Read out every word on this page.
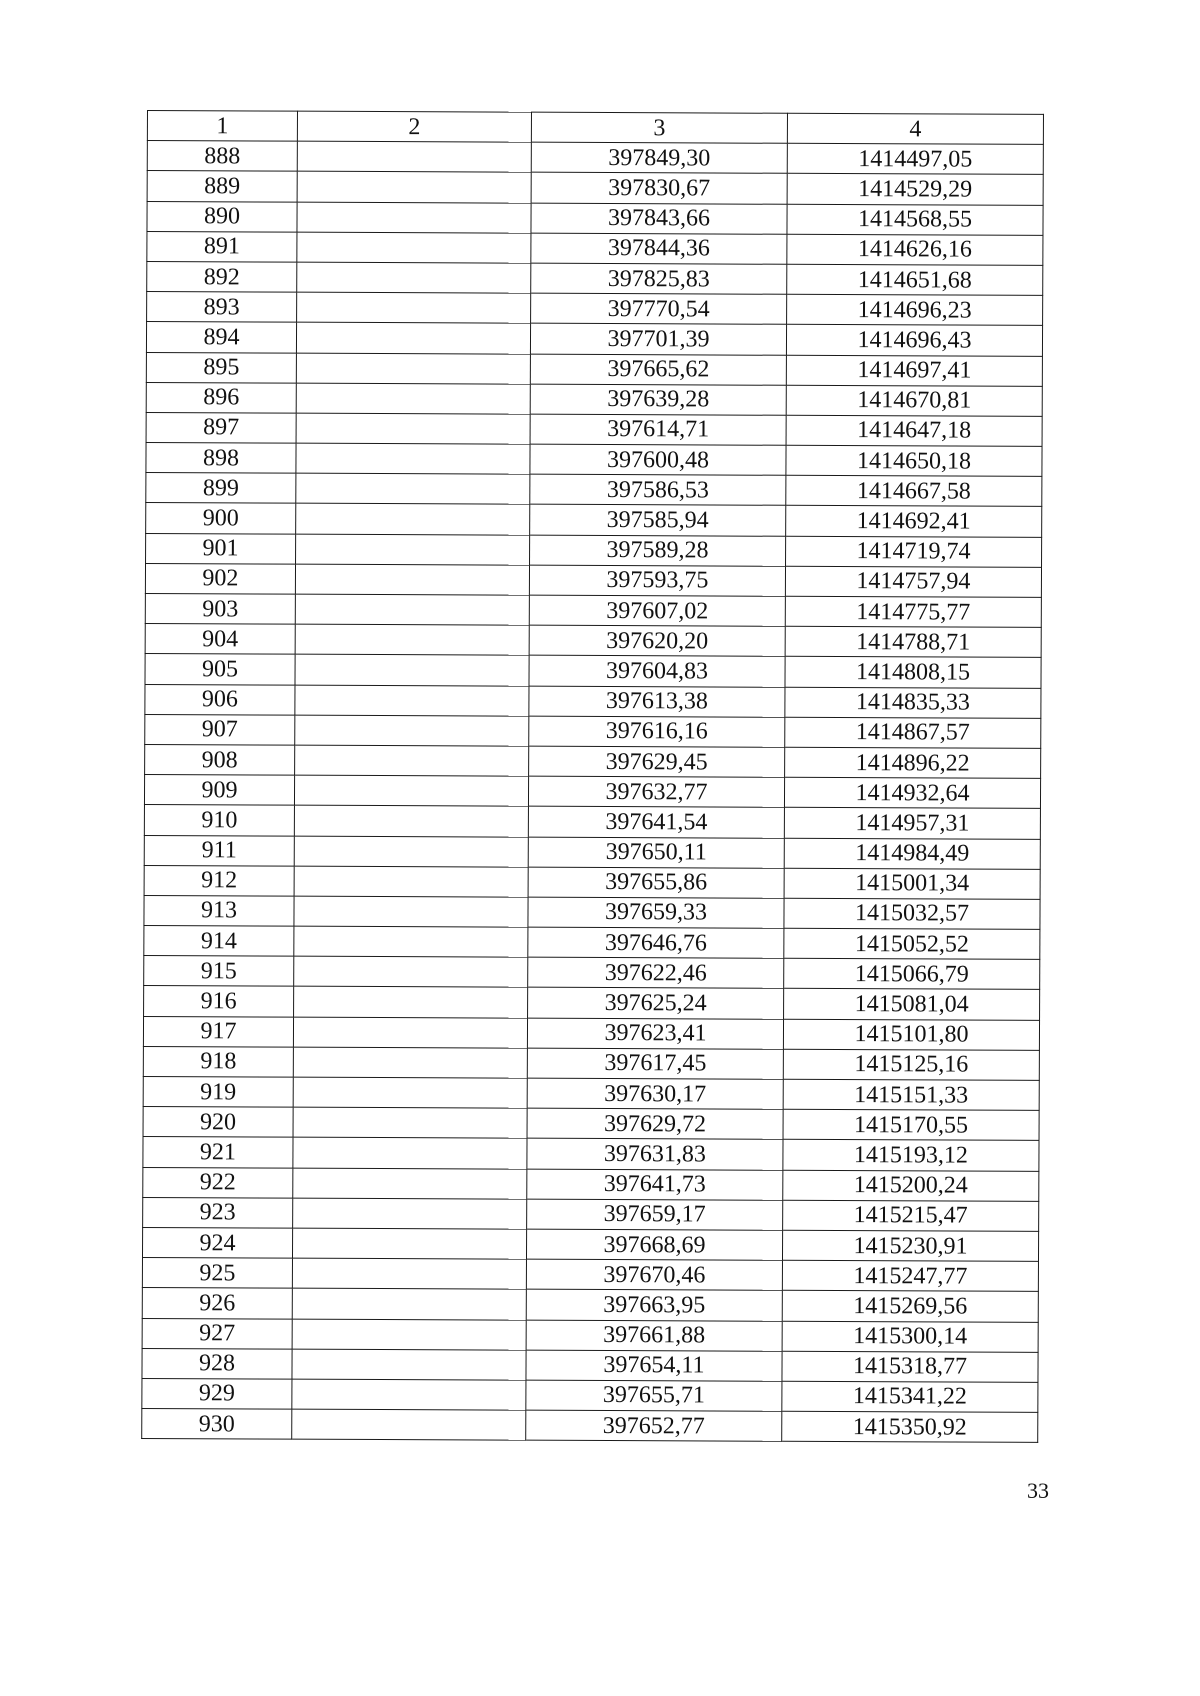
1	2	3	4
888		397849,30	1414497,05
889		397830,67	1414529,29
890		397843,66	1414568,55
891		397844,36	1414626,16
892		397825,83	1414651,68
893		397770,54	1414696,23
894		397701,39	1414696,43
895		397665,62	1414697,41
896		397639,28	1414670,81
897		397614,71	1414647,18
898		397600,48	1414650,18
899		397586,53	1414667,58
900		397585,94	1414692,41
901		397589,28	1414719,74
902		397593,75	1414757,94
903		397607,02	1414775,77
904		397620,20	1414788,71
905		397604,83	1414808,15
906		397613,38	1414835,33
907		397616,16	1414867,57
908		397629,45	1414896,22
909		397632,77	1414932,64
910		397641,54	1414957,31
911		397650,11	1414984,49
912		397655,86	1415001,34
913		397659,33	1415032,57
914		397646,76	1415052,52
915		397622,46	1415066,79
916		397625,24	1415081,04
917		397623,41	1415101,80
918		397617,45	1415125,16
919		397630,17	1415151,33
920		397629,72	1415170,55
921		397631,83	1415193,12
922		397641,73	1415200,24
923		397659,17	1415215,47
924		397668,69	1415230,91
925		397670,46	1415247,77
926		397663,95	1415269,56
927		397661,88	1415300,14
928		397654,11	1415318,77
929		397655,71	1415341,22
930		397652,77	1415350,92
33
